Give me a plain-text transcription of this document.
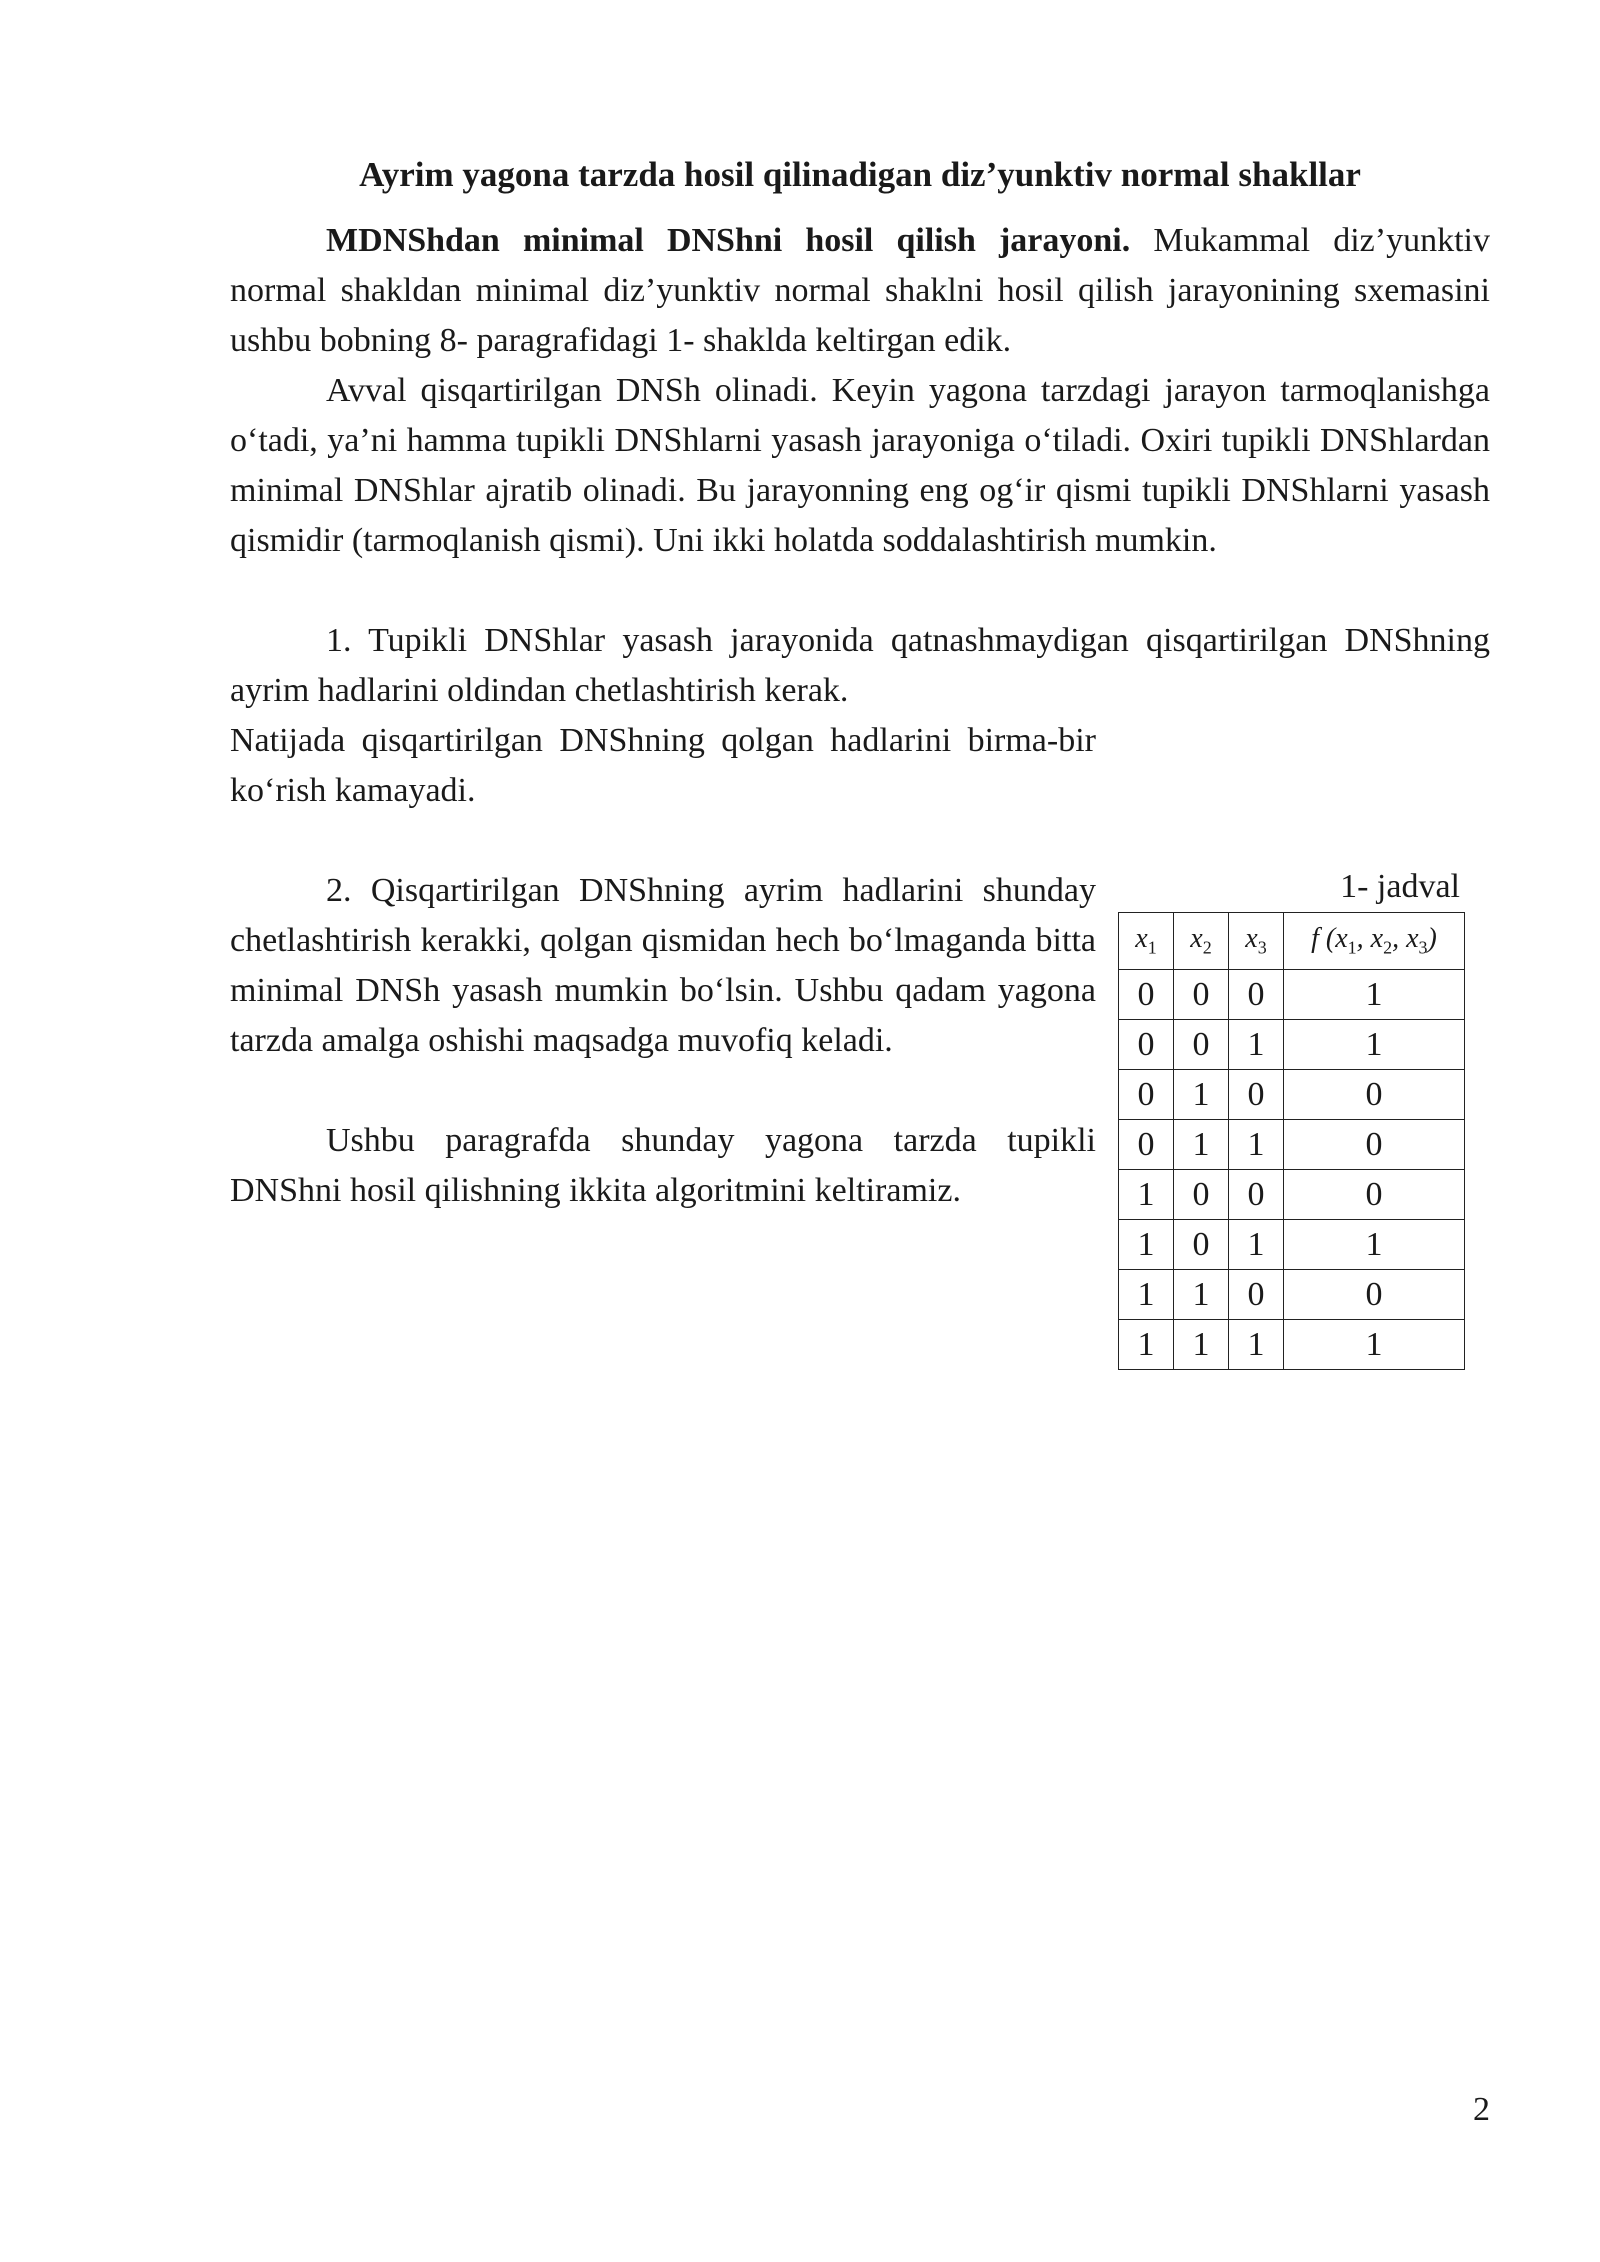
Ayrim yagona tarzda hosil qilinadigan diz’yunktiv normal shakllar

MDNShdan minimal DNShni hosil qilish jarayoni. Mukammal diz’yunktiv normal shakldan minimal diz’yunktiv normal shaklni hosil qilish jarayonining sxemasini ushbu bobning 8- paragrafidagi 1- shaklda keltirgan edik.

Avval qisqartirilgan DNSh olinadi. Keyin yagona tarzdagi jarayon tarmoqlanishga o‘tadi, ya’ni hamma tupikli DNShlarni yasash jarayoniga o‘tiladi. Oxiri tupikli DNShlardan minimal DNShlar ajratib olinadi. Bu jarayonning eng og‘ir qismi tupikli DNShlarni yasash qismidir (tarmoqlanish qismi). Uni ikki holatda soddalashtirish mumkin.

1. Tupikli DNShlar yasash jarayonida qatnashmaydigan qisqartirilgan DNShning ayrim hadlarini oldindan chetlashtirish kerak.

Natijada qisqartirilgan DNShning qolgan hadlarini birma-bir ko‘rish kamayadi.

2. Qisqartirilgan DNShning ayrim hadlarini shunday chetlashtirish kerakki, qolgan qismidan hech bo‘lmaganda bitta minimal DNSh yasash mumkin bo‘lsin. Ushbu qadam yagona tarzda amalga oshishi maqsadga muvofiq keladi.

Ushbu paragrafda shunday yagona tarzda tupikli DNShni hosil qilishning ikkita algoritmini keltiramiz.

1- jadval
$x_1$	$x_2$	$x_3$	f ($x_1$, $x_2$, $x_3$)
0	0	0	1
0	0	1	1
0	1	0	0
0	1	1	0
1	0	0	0
1	0	1	1
1	1	0	0
1	1	1	1
2
